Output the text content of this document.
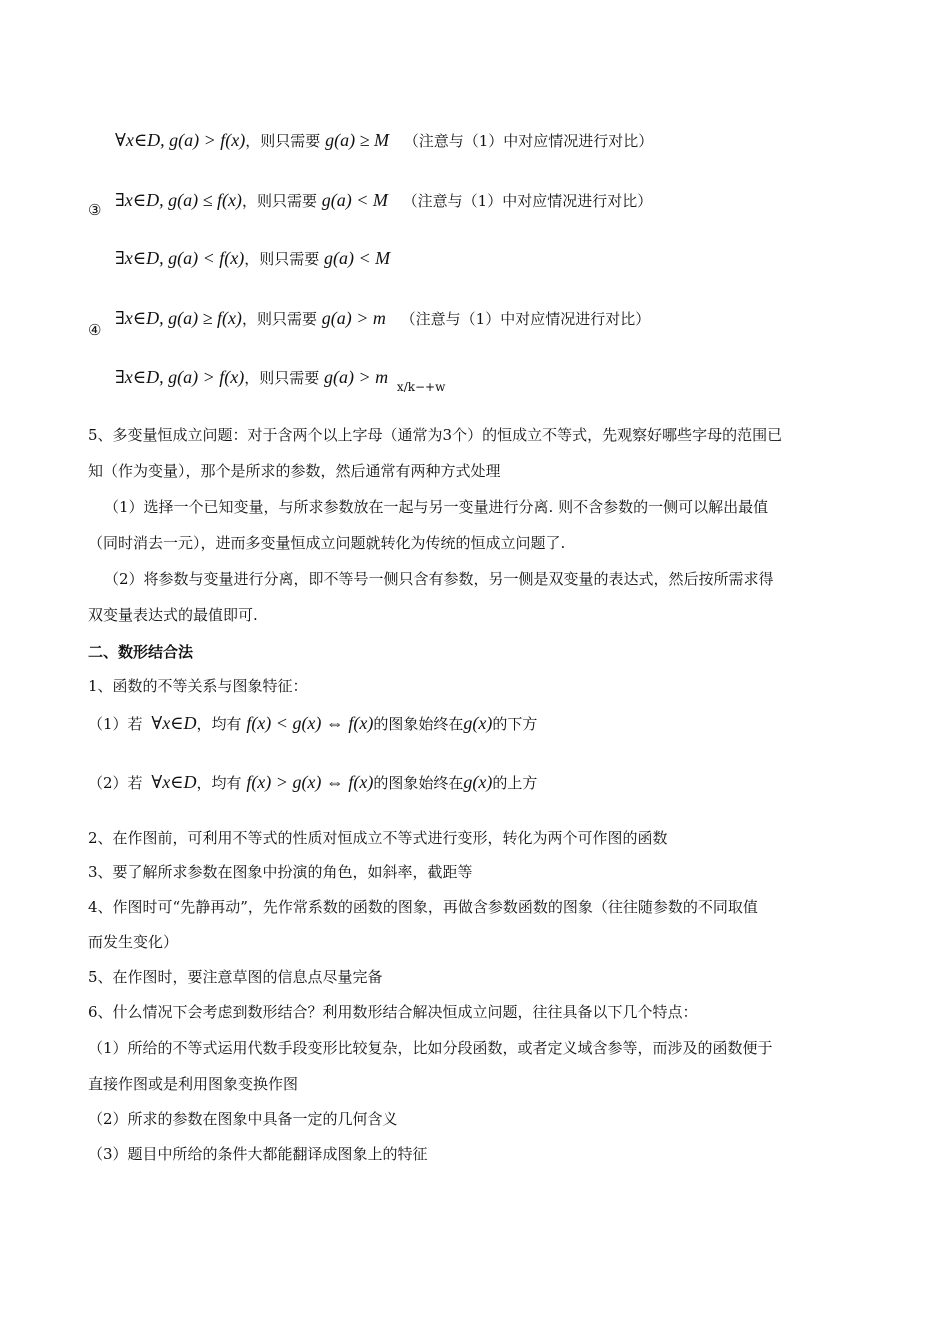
∀x∈D, g(a) > f(x)，则只需要 g(a) ≥ M （注意与（1）中对应情况进行对比）
③ ∃x∈D, g(a) ≤ f(x)，则只需要 g(a) < M （注意与（1）中对应情况进行对比）
∃x∈D, g(a) < f(x)，则只需要 g(a) < M
④
∃x∈D, g(a) ≥ f(x)，则只需要 g(a) > m （注意与（1）中对应情况进行对比）
∃x∈D, g(a) > f(x)，则只需要 g(a) > m $_{x/k-+w}$
5、多变量恒成立问题：对于含两个以上字母（通常为3个）的恒成立不等式，先观察好哪些字母的范围已
知（作为变量），那个是所求的参数，然后通常有两种方式处理
（1）选择一个已知变量，与所求参数放在一起与另一变量进行分离. 则不含参数的一侧可以解出最值
（同时消去一元），进而多变量恒成立问题就转化为传统的恒成立问题了.
（2）将参数与变量进行分离，即不等号一侧只含有参数，另一侧是双变量的表达式，然后按所需求得
双变量表达式的最值即可.
二、数形结合法
1、函数的不等关系与图象特征：
（1）若 ∀x∈D，均有 f(x) < g(x) ⇔ f(x)的图象始终在g(x)的下方
（2）若 ∀x∈D，均有 f(x) > g(x) ⇔ f(x)的图象始终在g(x)的上方
2、在作图前，可利用不等式的性质对恒成立不等式进行变形，转化为两个可作图的函数
3、要了解所求参数在图象中扮演的角色，如斜率，截距等
4、作图时可“先静再动”，先作常系数的函数的图象，再做含参数函数的图象（往往随参数的不同取值
而发生变化）
5、在作图时，要注意草图的信息点尽量完备
6、什么情况下会考虑到数形结合？利用数形结合解决恒成立问题，往往具备以下几个特点：
（1）所给的不等式运用代数手段变形比较复杂，比如分段函数，或者定义域含参等，而涉及的函数便于
直接作图或是利用图象变换作图
（2）所求的参数在图象中具备一定的几何含义
（3）题目中所给的条件大都能翻译成图象上的特征
